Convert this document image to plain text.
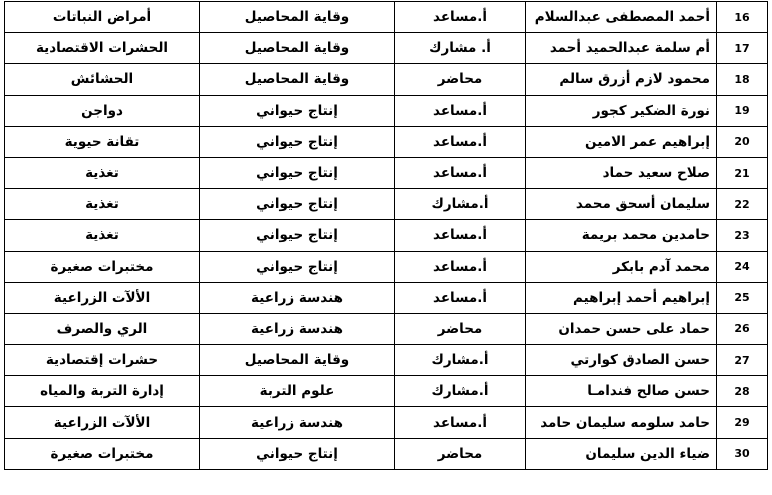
16	أحمد المصطفى عبدالسلام	أ.مساعد	وقاية المحاصيل	أمراض النباتات
17	أم سلمة عبدالحميد أحمد	أ. مشارك	وقاية المحاصيل	الحشرات الاقتصادية
18	محمود لازم أزرق سالم	محاضر	وقاية المحاصيل	الحشائش
19	نورة الضكير كجور	أ.مساعد	إنتاج حيواني	دواجن
20	إبراهيم عمر الامين	أ.مساعد	إنتاج حيواني	تقانة حيوية
21	صلاح سعيد حماد	أ.مساعد	إنتاج حيواني	تغذية
22	سليمان أسحق محمد	أ.مشارك	إنتاج حيواني	تغذية
23	حامدين محمد بريمة	أ.مساعد	إنتاج حيواني	تغذية
24	محمد آدم بابكر	أ.مساعد	إنتاج حيواني	مختبرات صغيرة
25	إبراهيم أحمد إبراهيم	أ.مساعد	هندسة زراعية	الألآت الزراعية
26	حماد على حسن حمدان	محاضر	هندسة زراعية	الري والصرف
27	حسن الصادق كوارتي	أ.مشارك	وقاية المحاصيل	حشرات إقتصادية
28	حسن صالح فندامـا	أ.مشارك	علوم التربة	إدارة التربة والمياه
29	حامد سلومه سليمان حامد	أ.مساعد	هندسة زراعية	الألآت الزراعية
30	ضياء الدين سليمان	محاضر	إنتاج حيواني	مختبرات صغيرة
